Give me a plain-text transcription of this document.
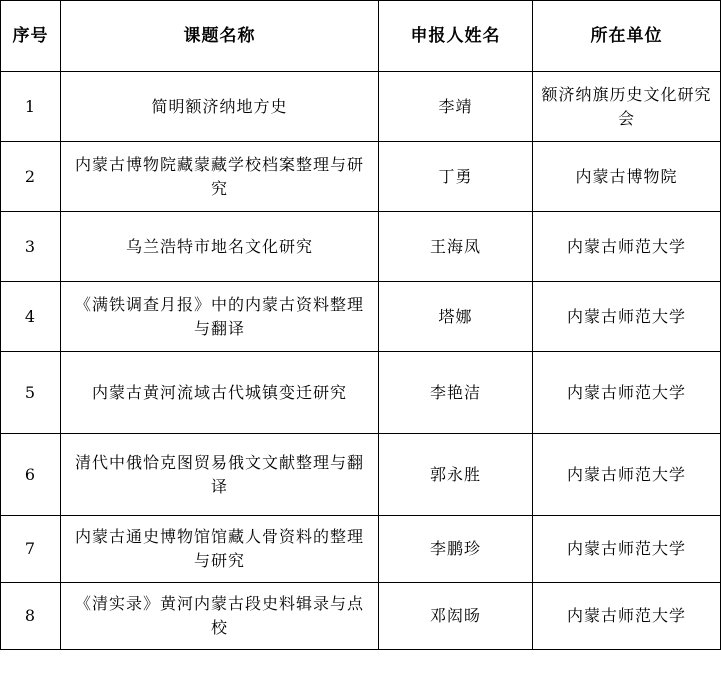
序号	课题名称	申报人姓名	所在单位
1	简明额济纳地方史	李靖	额济纳旗历史文化研究会
2	内蒙古博物院藏蒙藏学校档案整理与研究	丁勇	内蒙古博物院
3	乌兰浩特市地名文化研究	王海凤	内蒙古师范大学
4	《满铁调查月报》中的内蒙古资料整理与翻译	塔娜	内蒙古师范大学
5	内蒙古黄河流域古代城镇变迁研究	李艳洁	内蒙古师范大学
6	清代中俄恰克图贸易俄文文献整理与翻译	郭永胜	内蒙古师范大学
7	内蒙古通史博物馆馆藏人骨资料的整理与研究	李鹏珍	内蒙古师范大学
8	《清实录》黄河内蒙古段史料辑录与点校	邓闳旸	内蒙古师范大学
